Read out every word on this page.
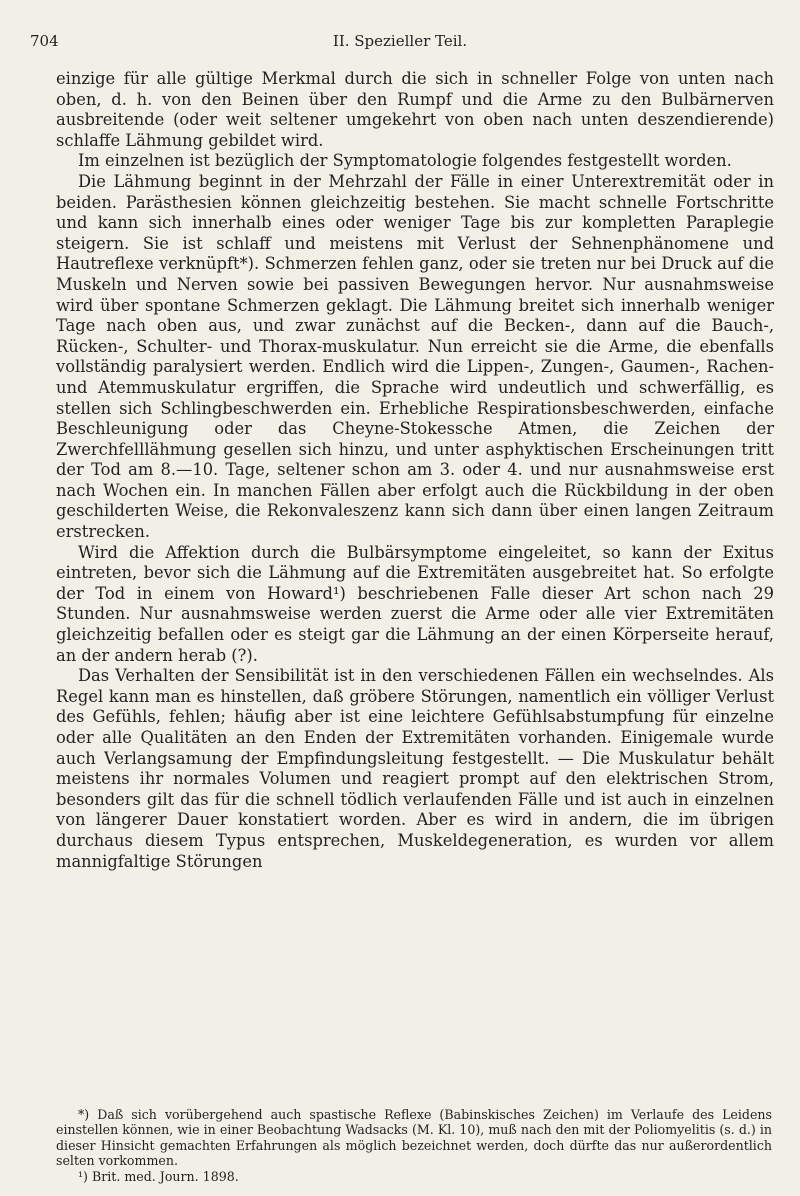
704	II. Spezieller Teil.

einzige für alle gültige Merkmal durch die sich in schneller Folge von unten nach oben, d. h. von den Beinen über den Rumpf und die Arme zu den Bulbärnerven ausbreitende (oder weit seltener umgekehrt von oben nach unten deszendierende) schlaffe Lähmung gebildet wird.

Im einzelnen ist bezüglich der Symptomatologie folgendes festgestellt worden.

Die Lähmung beginnt in der Mehrzahl der Fälle in einer Unterextremität oder in beiden. Parästhesien können gleichzeitig bestehen. Sie macht schnelle Fortschritte und kann sich innerhalb eines oder weniger Tage bis zur kompletten Paraplegie steigern. Sie ist schlaff und meistens mit Verlust der Sehnenphänomene und Hautreflexe verknüpft*). Schmerzen fehlen ganz, oder sie treten nur bei Druck auf die Muskeln und Nerven sowie bei passiven Bewegungen hervor. Nur ausnahmsweise wird über spontane Schmerzen geklagt. Die Lähmung breitet sich innerhalb weniger Tage nach oben aus, und zwar zunächst auf die Becken-, dann auf die Bauch-, Rücken-, Schulter- und Thorax-muskulatur. Nun erreicht sie die Arme, die ebenfalls vollständig paralysiert werden. Endlich wird die Lippen-, Zungen-, Gaumen-, Rachen- und Atemmuskulatur ergriffen, die Sprache wird undeutlich und schwerfällig, es stellen sich Schlingbeschwerden ein. Erhebliche Respirationsbeschwerden, einfache Beschleunigung oder das Cheyne-Stokessche Atmen, die Zeichen der Zwerchfelllähmung gesellen sich hinzu, und unter asphyktischen Erscheinungen tritt der Tod am 8.—10. Tage, seltener schon am 3. oder 4. und nur ausnahmsweise erst nach Wochen ein. In manchen Fällen aber erfolgt auch die Rückbildung in der oben geschilderten Weise, die Rekonvaleszenz kann sich dann über einen langen Zeitraum erstrecken.

Wird die Affektion durch die Bulbärsymptome eingeleitet, so kann der Exitus eintreten, bevor sich die Lähmung auf die Extremitäten ausgebreitet hat. So erfolgte der Tod in einem von Howard¹) beschriebenen Falle dieser Art schon nach 29 Stunden. Nur ausnahmsweise werden zuerst die Arme oder alle vier Extremitäten gleichzeitig befallen oder es steigt gar die Lähmung an der einen Körperseite herauf, an der andern herab (?).

Das Verhalten der Sensibilität ist in den verschiedenen Fällen ein wechselndes. Als Regel kann man es hinstellen, daß gröbere Störungen, namentlich ein völliger Verlust des Gefühls, fehlen; häufig aber ist eine leichtere Gefühlsabstumpfung für einzelne oder alle Qualitäten an den Enden der Extremitäten vorhanden. Einigemale wurde auch Verlangsamung der Empfindungsleitung festgestellt. — Die Muskulatur behält meistens ihr normales Volumen und reagiert prompt auf den elektrischen Strom, besonders gilt das für die schnell tödlich verlaufenden Fälle und ist auch in einzelnen von längerer Dauer konstatiert worden. Aber es wird in andern, die im übrigen durchaus diesem Typus entsprechen, Muskeldegeneration, es wurden vor allem mannigfaltige Störungen

*) Daß sich vorübergehend auch spastische Reflexe (Babinskisches Zeichen) im Verlaufe des Leidens einstellen können, wie in einer Beobachtung Wadsacks (M. Kl. 10), muß nach den mit der Poliomyelitis (s. d.) in dieser Hinsicht gemachten Erfahrungen als möglich bezeichnet werden, doch dürfte das nur außerordentlich selten vorkommen.

¹) Brit. med. Journ. 1898.
